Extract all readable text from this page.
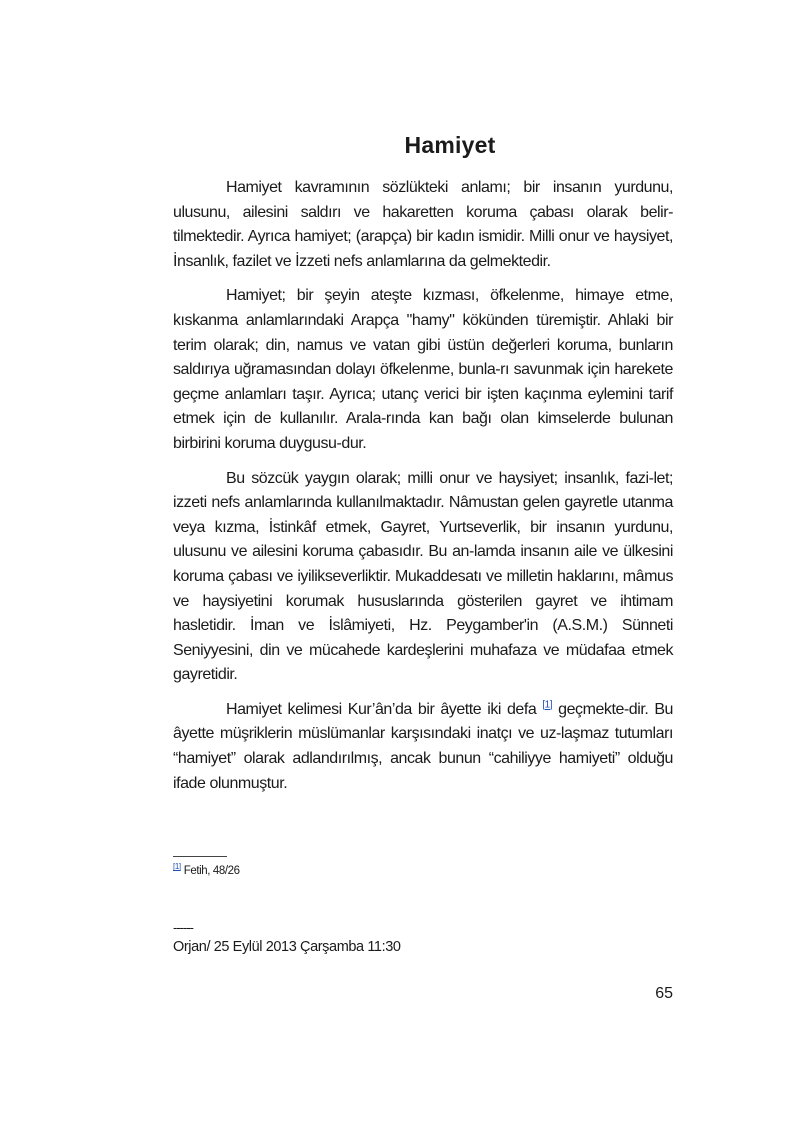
Hamiyet

Hamiyet kavramının sözlükteki anlamı; bir insanın yurdunu, ulusunu, ailesini saldırı ve hakaretten koruma çabası olarak belir-tilmektedir. Ayrıca hamiyet; (arapça) bir kadın ismidir. Milli onur ve haysiyet, İnsanlık, fazilet ve İzzeti nefs anlamlarına da gelmektedir.

Hamiyet; bir şeyin ateşte kızması, öfkelenme, himaye etme, kıskanma anlamlarındaki Arapça "hamy" kökünden türemiştir. Ahlaki bir terim olarak; din, namus ve vatan gibi üstün değerleri koruma, bunların saldırıya uğramasından dolayı öfkelenme, bunla-rı savunmak için harekete geçme anlamları taşır. Ayrıca; utanç verici bir işten kaçınma eylemini tarif etmek için de kullanılır. Arala-rında kan bağı olan kimselerde bulunan birbirini koruma duygusu-dur.

Bu sözcük yaygın olarak; milli onur ve haysiyet; insanlık, fazi-let; izzeti nefs anlamlarında kullanılmaktadır. Nâmustan gelen gayretle utanma veya kızma, İstinkâf etmek, Gayret, Yurtseverlik, bir insanın yurdunu, ulusunu ve ailesini koruma çabasıdır. Bu an-lamda insanın aile ve ülkesini koruma çabası ve iyilikseverliktir. Mukaddesatı ve milletin haklarını, mâmus ve haysiyetini korumak hususlarında gösterilen gayret ve ihtimam hasletidir. İman ve İslâmiyeti, Hz. Peygamber'in (A.S.M.) Sünneti Seniyyesini, din ve mücahede kardeşlerini muhafaza ve müdafaa etmek gayretidir.

Hamiyet kelimesi Kur’ân’da bir âyette iki defa [1] geçmekte-dir. Bu âyette müşriklerin müslümanlar karşısındaki inatçı ve uz-laşmaz tutumları “hamiyet” olarak adlandırılmış, ancak bunun “cahiliyye hamiyeti” olduğu ifade olunmuştur.

[1] Fetih, 48/26
------
Orjan/ 25 Eylül 2013 Çarşamba 11:30
65
